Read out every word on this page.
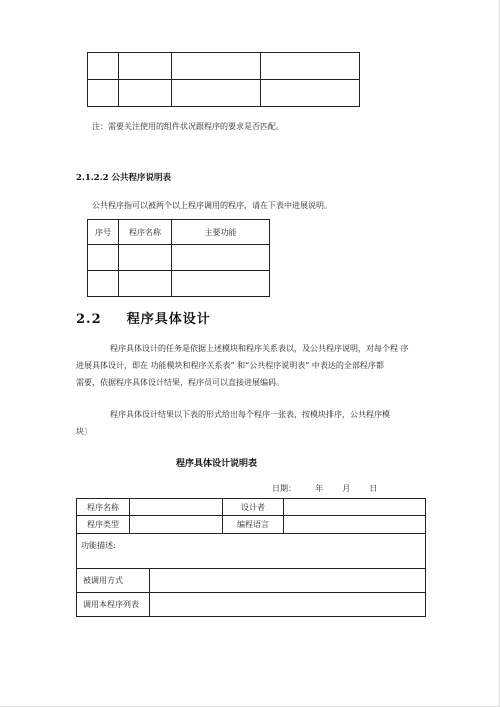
注：需要关注使用的组件状况跟程序的要求是否匹配。
2.1.2.2 公共程序说明表
公共程序指可以被两个以上程序调用的程序，请在下表中进展说明。
序号	程序名称	主要功能

2.2 程序具体设计
程序具体设计的任务是依据上述模块和程序关系表以，及公共程序说明，对每个程 序
进展具体设计，即在 功能模块和程序关系表” 和“公共程序说明表” 中表达的全部程序都
需要，依据程序具体设计结果，程序员可以直接进展编码。
程序具体设计结果以下表的形式给出每个程序一张表，按模块排序，公共程序模
块〕
程序具体设计说明表
日期： 年 月 日
程序名称		设计者	
程序类型		编程语言	
功能描述:	
被调用方式	
调用本程序列表	
